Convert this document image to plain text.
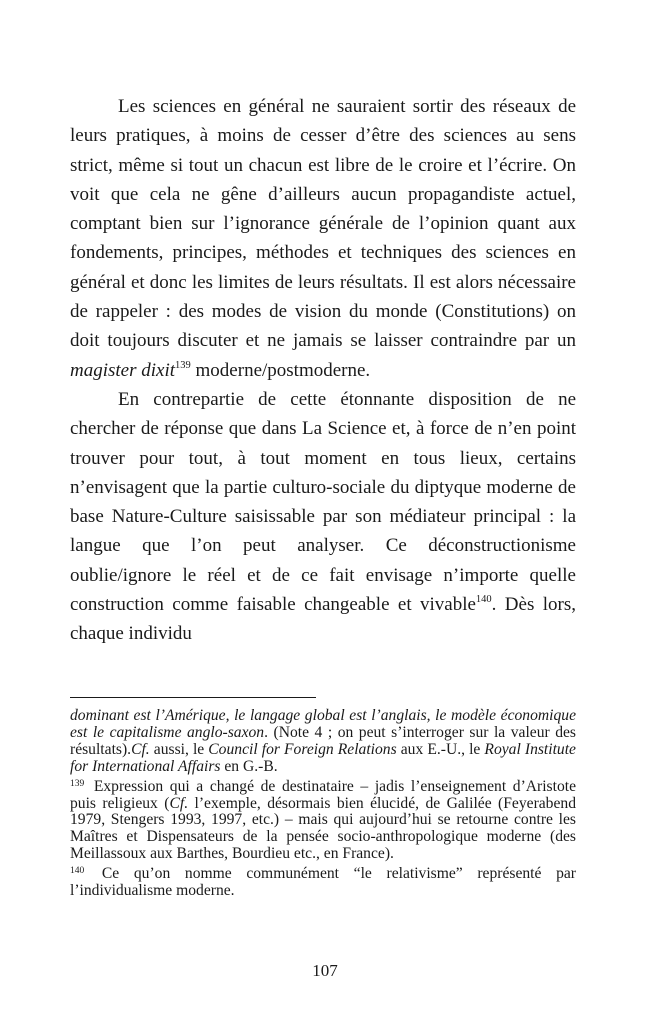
Les sciences en général ne sauraient sortir des réseaux de leurs pratiques, à moins de cesser d’être des sciences au sens strict, même si tout un chacun est libre de le croire et l’écrire. On voit que cela ne gêne d’ailleurs aucun propagandiste actuel, comptant bien sur l’ignorance générale de l’opinion quant aux fondements, principes, méthodes et techniques des sciences en général et donc les limites de leurs résultats. Il est alors nécessaire de rappeler : des modes de vision du monde (Constitutions) on doit toujours discuter et ne jamais se laisser contraindre par un magister dixit$^{139}$ moderne/postmoderne.

En contrepartie de cette étonnante disposition de ne chercher de réponse que dans La Science et, à force de n’en point trouver pour tout, à tout moment en tous lieux, certains n’envisagent que la partie culturo-sociale du diptyque moderne de base Nature-Culture saisissable par son médiateur principal : la langue que l’on peut analyser. Ce déconstructionisme oublie/ignore le réel et de ce fait envisage n’importe quelle construction comme faisable changeable et vivable$^{140}$. Dès lors, chaque individu

dominant est l’Amérique, le langage global est l’anglais, le modèle économique est le capitalisme anglo-saxon. (Note 4 ; on peut s’interroger sur la valeur des résultats).Cf. aussi, le Council for Foreign Relations aux E.-U., le Royal Institute for International Affairs en G.-B.

$^{139}$ Expression qui a changé de destinataire – jadis l’enseignement d’Aristote puis religieux (Cf. l’exemple, désormais bien élucidé, de Galilée (Feyerabend 1979, Stengers 1993, 1997, etc.) – mais qui aujourd’hui se retourne contre les Maîtres et Dispensateurs de la pensée socio-anthropologique moderne (des Meillassoux aux Barthes, Bourdieu etc., en France).

$^{140}$ Ce qu’on nomme communément “le relativisme” représenté par l’individualisme moderne.

107
